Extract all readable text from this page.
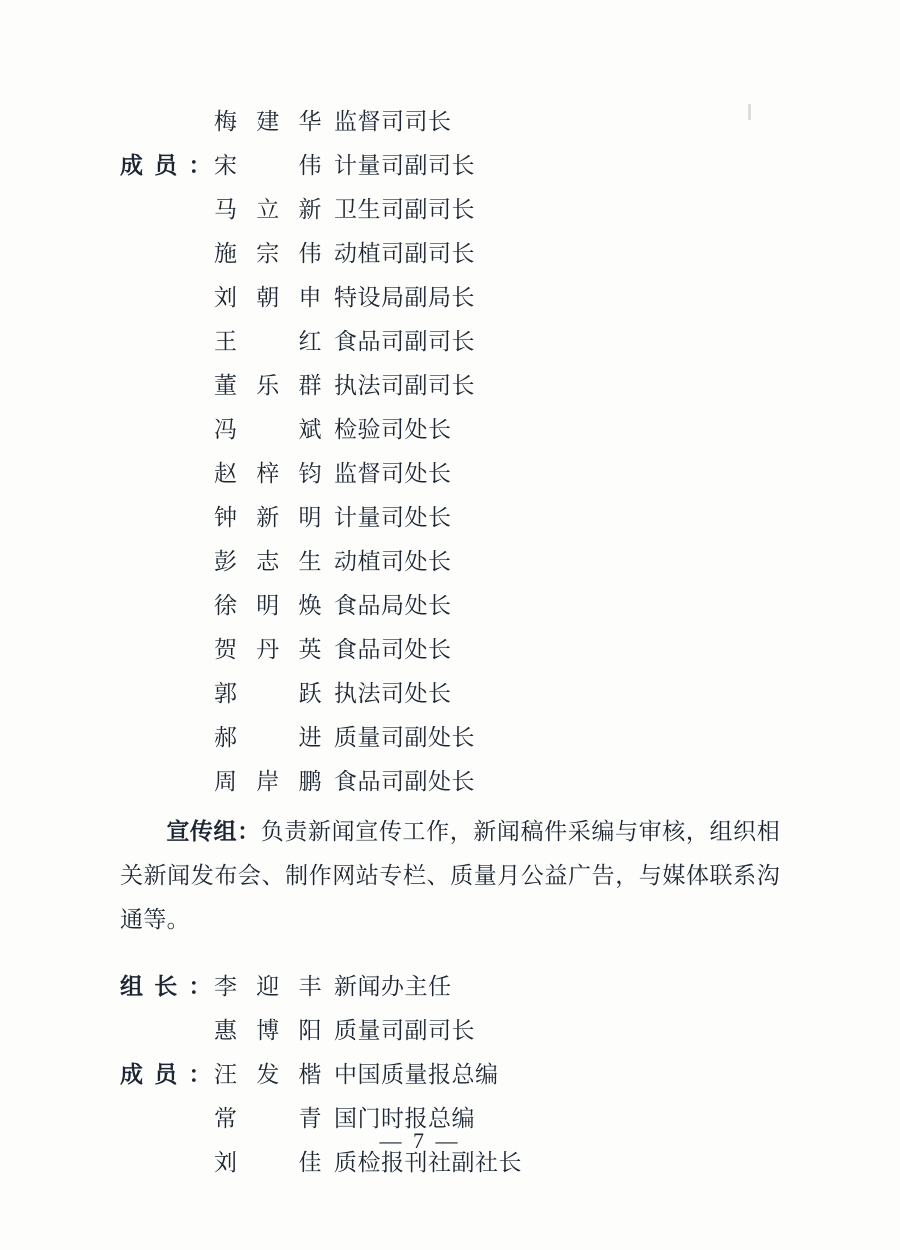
梅建华 监督司司长
成员： 宋 伟 计量司副司长
马立新 卫生司副司长
施宗伟 动植司副司长
刘朝申 特设局副局长
王 红 食品司副司长
董乐群 执法司副司长
冯 斌 检验司处长
赵梓钧 监督司处长
钟新明 计量司处长
彭志生 动植司处长
徐明焕 食品局处长
贺丹英 食品司处长
郭 跃 执法司处长
郝 进 质量司副处长
周岸鹏 食品司副处长

宣传组：负责新闻宣传工作，新闻稿件采编与审核，组织相关新闻发布会、制作网站专栏、质量月公益广告，与媒体联系沟通等。

组长： 李迎丰 新闻办主任
惠博阳 质量司副司长
成员： 汪发楷 中国质量报总编
常 青 国门时报总编
刘 佳 质检报刊社副社长
— 7 —
